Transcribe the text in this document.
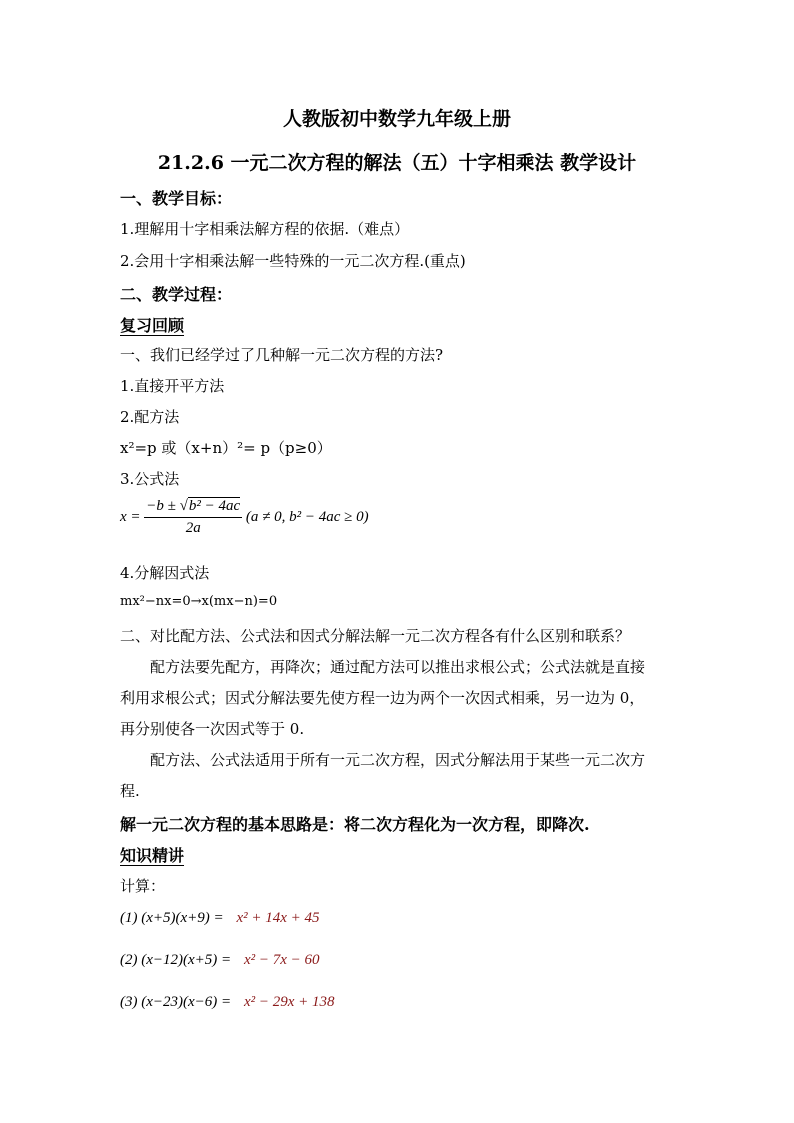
人教版初中数学九年级上册
21.2.6 一元二次方程的解法（五）十字相乘法 教学设计
一、教学目标：
1.理解用十字相乘法解方程的依据.（难点）
2.会用十字相乘法解一些特殊的一元二次方程.(重点)
二、教学过程：
复习回顾
一、我们已经学过了几种解一元二次方程的方法?
1.直接开平方法
2.配方法
x²=p 或（x+n）²= p（p≥0）
3.公式法
$x = \frac{\text{−b ± √b² − 4ac}}{2a} (a \ne 0$, b² − 4ac ≥ 0)
4.分解因式法
mx²−nx=0→x(mx−n)=0
二、对比配方法、公式法和因式分解法解一元二次方程各有什么区别和联系？
配方法要先配方，再降次；通过配方法可以推出求根公式；公式法就是直接
利用求根公式；因式分解法要先使方程一边为两个一次因式相乘，另一边为 0，
再分别使各一次因式等于 0.
配方法、公式法适用于所有一元二次方程，因式分解法用于某些一元二次方
程.
解一元二次方程的基本思路是：将二次方程化为一次方程，即降次.
知识精讲
计算：
(1) (x+5)(x+9) = x² + 14x + 45
(2) (x−12)(x+5) = x² − 7x − 60
(3) (x−23)(x−6) = x² − 29x + 138
